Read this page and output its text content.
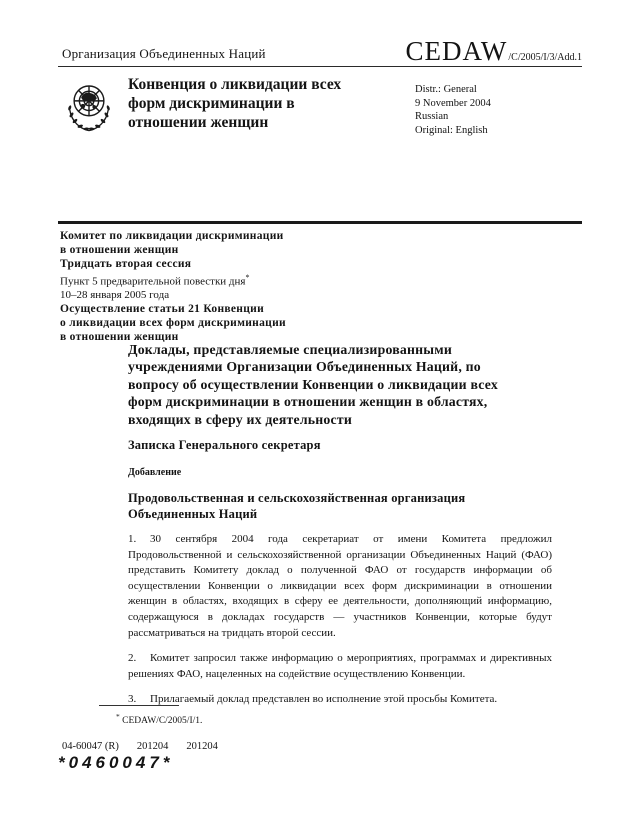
Организация Объединенных Наций	CEDAW /C/2005/I/3/Add.1
Конвенция о ликвидации всех
форм дискриминации в
отношении женщин
Distr.: General
9 November 2004
Russian
Original: English
Комитет по ликвидации дискриминации
в отношении женщин
Тридцать вторая сессия
Пункт 5 предварительной повестки дня*
10–28 января 2005 года
Осуществление статьи 21 Конвенции
о ликвидации всех форм дискриминации
в отношении женщин
Доклады, представляемые специализированными учреждениями Организации Объединенных Наций, по вопросу об осуществлении Конвенции о ликвидации всех форм дискриминации в отношении женщин в областях, входящих в сферу их деятельности
Записка Генерального секретаря
Добавление
Продовольственная и сельскохозяйственная организация Объединенных Наций

1. 30 сентября 2004 года секретариат от имени Комитета предложил Продовольственной и сельскохозяйственной организации Объединенных Наций (ФАО) представить Комитету доклад о полученной ФАО от государств информации об осуществлении Конвенции о ликвидации всех форм дискриминации в отношении женщин в областях, входящих в сферу ее деятельности, дополняющий информацию, содержащуюся в докладах государств — участников Конвенции, которые будут рассматриваться на тридцать второй сессии.

2. Комитет запросил также информацию о мероприятиях, программах и директивных решениях ФАО, нацеленных на содействие осуществлению Конвенции.

3. Прилагаемый доклад представлен во исполнение этой просьбы Комитета.

* CEDAW/C/2005/I/1.
04-60047 (R) 201204 201204
*0460047*
